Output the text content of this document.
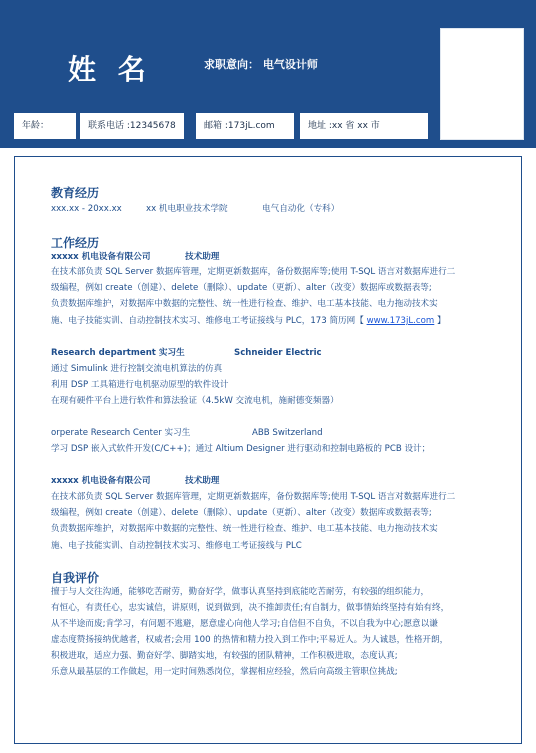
姓 名	求职意向： 电气设计师
年龄：	联系电话 :12345678	邮箱 :173jL.com	地址 :xx 省 xx 市
教育经历
xxx.xx - 20xx.xx	xx 机电职业技术学院	电气自动化（专科）
工作经历
xxxxx 机电设备有限公司	技术助理
在技术部负责 SQL Server 数据库管理，定期更新数据库，备份数据库等;使用 T-SQL 语言对数据库进行二
级编程，例如 create（创建）、delete（删除）、update（更新）、alter（改变）数据库或数据表等;
负责数据库维护，对数据库中数据的完整性、统一性进行检查、维护、电工基本技能、电力拖动技术实
施、电子技能实训、自动控制技术实习、维修电工考证接线与 PLC，173 简历网【 www.173jL.com 】
Research department 实习生	Schneider Electric
通过 Simulink 进行控制交流电机算法的仿真
利用 DSP 工具箱进行电机驱动原型的软件设计
在现有硬件平台上进行软件和算法验证（4.5kW 交流电机，施耐德变频器）
orperate Research Center 实习生	ABB Switzerland
学习 DSP 嵌入式软件开发(C/C++)；通过 Altium Designer 进行驱动和控制电路板的 PCB 设计；
xxxxx 机电设备有限公司	技术助理
在技术部负责 SQL Server 数据库管理，定期更新数据库，备份数据库等;使用 T-SQL 语言对数据库进行二
级编程，例如 create（创建）、delete（删除）、update（更新）、alter（改变）数据库或数据表等;
负责数据库维护，对数据库中数据的完整性、统一性进行检查、维护、电工基本技能、电力拖动技术实
施、电子技能实训、自动控制技术实习、维修电工考证接线与 PLC
自我评价
擅于与人交往沟通，能够吃苦耐劳，勤奋好学，做事认真坚持到底能吃苦耐劳，有较强的组织能力，
有恒心，有责任心，忠实诚信，讲原则，说到做到，决不推卸责任;有自制力，做事情始终坚持有始有终，
从不半途而废;肯学习，有问题不逃避，愿意虚心向他人学习;自信但不自负，不以自我为中心;愿意以谦
虚态度赞扬接纳优越者，权威者;会用 100 的热情和精力投入到工作中;平易近人。为人诚恳，性格开朗，
积极进取，适应力强、勤奋好学、脚踏实地，有较强的团队精神，工作积极进取，态度认真;
乐意从最基层的工作做起，用一定时间熟悉岗位，掌握相应经验，然后向高级主管职位挑战;
